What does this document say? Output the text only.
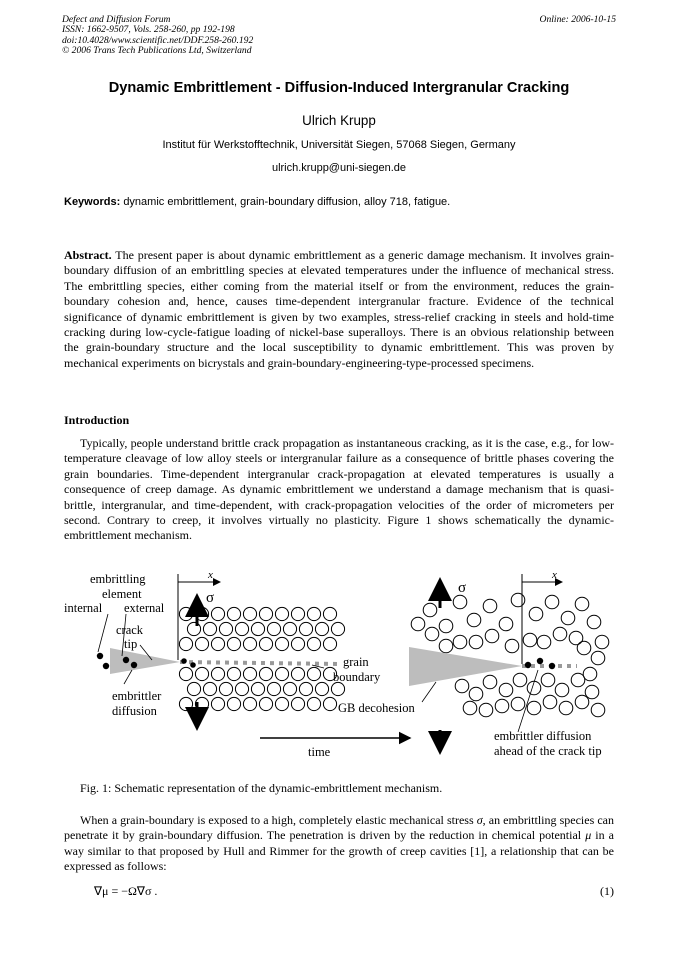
Defect and Diffusion Forum
ISSN: 1662-9507, Vols. 258-260, pp 192-198
doi:10.4028/www.scientific.net/DDF.258-260.192
© 2006 Trans Tech Publications Ltd, Switzerland
Online: 2006-10-15
Dynamic Embrittlement - Diffusion-Induced Intergranular Cracking
Ulrich Krupp
Institut für Werkstofftechnik, Universität Siegen, 57068 Siegen, Germany
ulrich.krupp@uni-siegen.de
Keywords: dynamic embrittlement, grain-boundary diffusion, alloy 718, fatigue.
Abstract. The present paper is about dynamic embrittlement as a generic damage mechanism. It involves grain-boundary diffusion of an embrittling species at elevated temperatures under the influence of mechanical stress. The embrittling species, either coming from the material itself or from the environment, reduces the grain-boundary cohesion and, hence, causes time-dependent intergranular fracture. Evidence of the technical significance of dynamic embrittlement is given by two examples, stress-relief cracking in steels and hold-time cracking during low-cycle-fatigue loading of nickel-base superalloys. There is an obvious relationship between the grain-boundary structure and the local susceptibility to dynamic embrittlement. This was proven by mechanical experiments on bicrystals and grain-boundary-engineering-type-processed specimens.
Introduction
Typically, people understand brittle crack propagation as instantaneous cracking, as it is the case, e.g., for low-temperature cleavage of low alloy steels or intergranular failure as a consequence of brittle phases covering the grain boundaries. Time-dependent intergranular crack-propagation at elevated temperatures is usually a consequence of creep damage. As dynamic embrittlement we understand a damage mechanism that is quasi-brittle, intergranular, and time-dependent, with crack-propagation velocities of the order of micrometers per second. Contrary to creep, it involves virtually no plasticity. Figure 1 shows schematically the dynamic-embrittlement mechanism.
embrittling
element
internal external
crack
tip
embrittler
diffusion
grain
boundary
GB decohesion
time
embrittler diffusion
ahead of the crack tip
σ
σ
x	x
Fig. 1: Schematic representation of the dynamic-embrittlement mechanism.
When a grain-boundary is exposed to a high, completely elastic mechanical stress σ, an embrittling species can penetrate it by grain-boundary diffusion. The penetration is driven by the reduction in chemical potential μ in a way similar to that proposed by Hull and Rimmer for the growth of creep cavities [1], a relationship that can be expressed as follows:
∇μ = −Ω∇σ .	(1)
